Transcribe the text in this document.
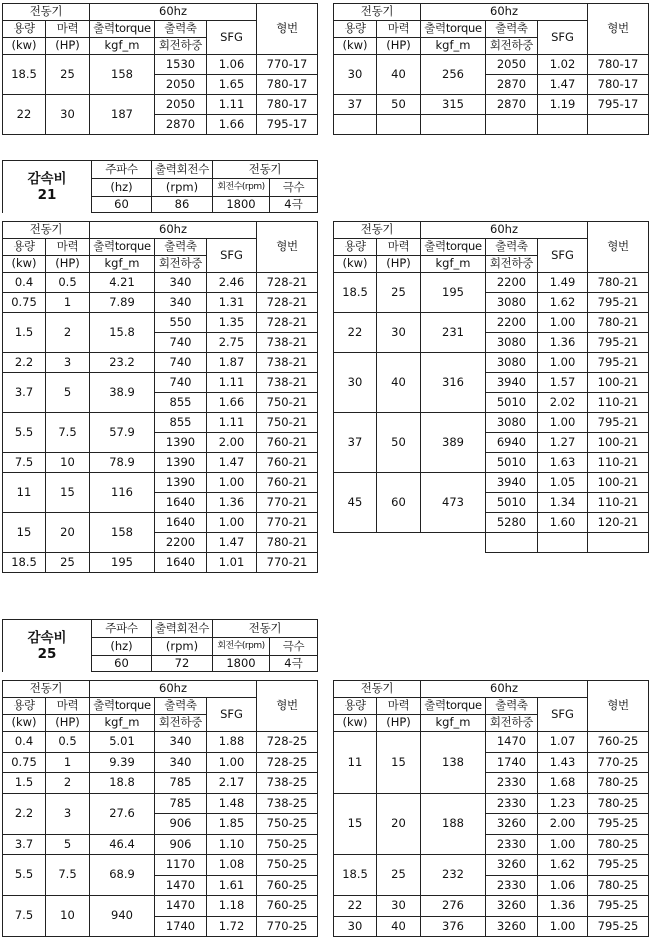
전동기		60hz			형번
용량	마력	출력torque	출력축	SFG	
(kw)	(HP)	kgf_m	회전하중		
18.5	25	158	1530	1.06	770-17
			2050	1.65	780-17
22	30	187	2050	1.11	780-17
			2870	1.66	795-17
전동기		60hz			형번
용량	마력	출력torque	출력축	SFG	
(kw)	(HP)	kgf_m	회전하중		
30	40	256	2050	1.02	780-17
			2870	1.47	780-17
37	50	315	2870	1.19	795-17

감속비
21	주파수	출력회전수	전동기	
	(hz)	(rpm)	회전수(rpm)	극수
	60	86	1800	4극
전동기		60hz			형번
용량	마력	출력torque	출력축	SFG	
(kw)	(HP)	kgf_m	회전하중		
0.4	0.5	4.21	340	2.46	728-21
0.75	1	7.89	340	1.31	728-21
1.5	2	15.8	550	1.35	728-21
			740	2.75	738-21
2.2	3	23.2	740	1.87	738-21
3.7	5	38.9	740	1.11	738-21
			855	1.66	750-21
5.5	7.5	57.9	855	1.11	750-21
			1390	2.00	760-21
7.5	10	78.9	1390	1.47	760-21
11	15	116	1390	1.00	760-21
			1640	1.36	770-21
15	20	158	1640	1.00	770-21
			2200	1.47	780-21
18.5	25	195	1640	1.01	770-21
전동기		60hz			형번
용량	마력	출력torque	출력축	SFG	
(kw)	(HP)	kgf_m	회전하중		
18.5	25	195	2200	1.49	780-21
			3080	1.62	795-21
22	30	231	2200	1.00	780-21
			3080	1.36	795-21
30	40	316	3080	1.00	795-21
			3940	1.57	100-21
			5010	2.02	110-21
37	50	389	3080	1.00	795-21
			6940	1.27	100-21
			5010	1.63	110-21
45	60	473	3940	1.05	100-21
			5010	1.34	110-21
			5280	1.60	120-21

감속비
25	주파수	출력회전수	전동기	
	(hz)	(rpm)	회전수(rpm)	극수
	60	72	1800	4극
전동기		60hz			형번
용량	마력	출력torque	출력축	SFG	
(kw)	(HP)	kgf_m	회전하중		
0.4	0.5	5.01	340	1.88	728-25
0.75	1	9.39	340	1.00	728-25
1.5	2	18.8	785	2.17	738-25
2.2	3	27.6	785	1.48	738-25
			906	1.85	750-25
3.7	5	46.4	906	1.10	750-25
5.5	7.5	68.9	1170	1.08	750-25
			1470	1.61	760-25
7.5	10	940	1470	1.18	760-25
			1740	1.72	770-25
전동기		60hz			형번
용량	마력	출력torque	출력축	SFG	
(kw)	(HP)	kgf_m	회전하중		
11	15	138	1470	1.07	760-25
			1740	1.43	770-25
			2330	1.68	780-25
15	20	188	2330	1.23	780-25
			3260	2.00	795-25
			2330	1.00	780-25
18.5	25	232	3260	1.62	795-25
			2330	1.06	780-25
22	30	276	3260	1.36	795-25
30	40	376	3260	1.00	795-25
